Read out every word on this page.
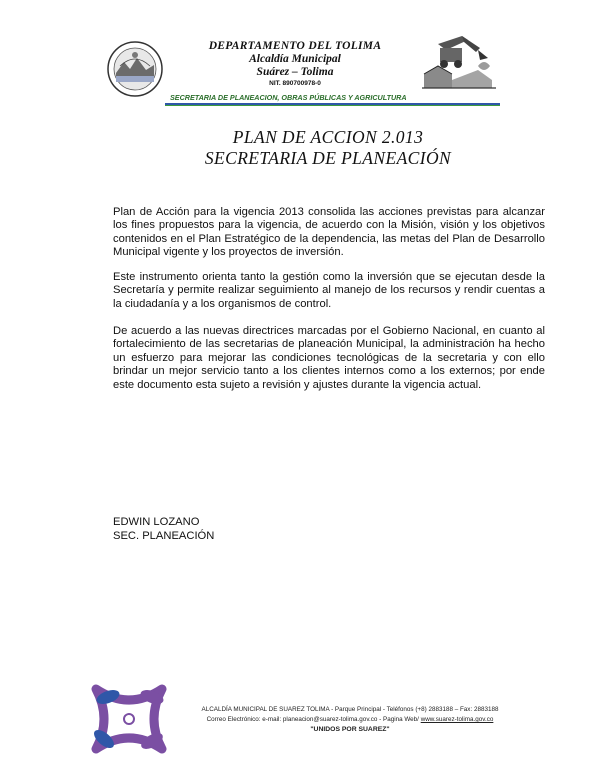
DEPARTAMENTO DEL TOLIMA
Alcaldía Municipal
Suárez – Tolima
NIT. 890700978-0
SECRETARIA DE PLANEACION, OBRAS PÚBLICAS Y AGRICULTURA
PLAN DE ACCION 2.013
SECRETARIA DE PLANEACIÓN
Plan de Acción para la vigencia 2013 consolida las acciones previstas para alcanzar los fines propuestos para la vigencia, de acuerdo con la Misión, visión y los objetivos contenidos en el Plan Estratégico de la dependencia, las metas del Plan de Desarrollo Municipal vigente y los proyectos de inversión.
Este instrumento orienta tanto la gestión como la inversión que se ejecutan desde la Secretaría y permite realizar seguimiento al manejo de los recursos y rendir cuentas a la ciudadanía y a los organismos de control.
De acuerdo a las nuevas directrices marcadas por el Gobierno Nacional, en cuanto al fortalecimiento de las secretarias de planeación Municipal, la administración ha hecho un esfuerzo para mejorar las condiciones tecnológicas de la secretaria y con ello brindar un mejor servicio tanto a los clientes internos como a los externos; por ende este documento esta sujeto a revisión y ajustes durante la vigencia actual.
EDWIN LOZANO
SEC. PLANEACIÓN
ALCALDÍA MUNICIPAL DE SUAREZ TOLIMA - Parque Principal - Teléfonos (+8) 2883188 – Fax: 2883188
Correo Electrónico: e-mail: planeacion@suarez-tolima.gov.co - Pagina Web/ www.suarez-tolima.gov.co
"UNIDOS POR SUAREZ"
